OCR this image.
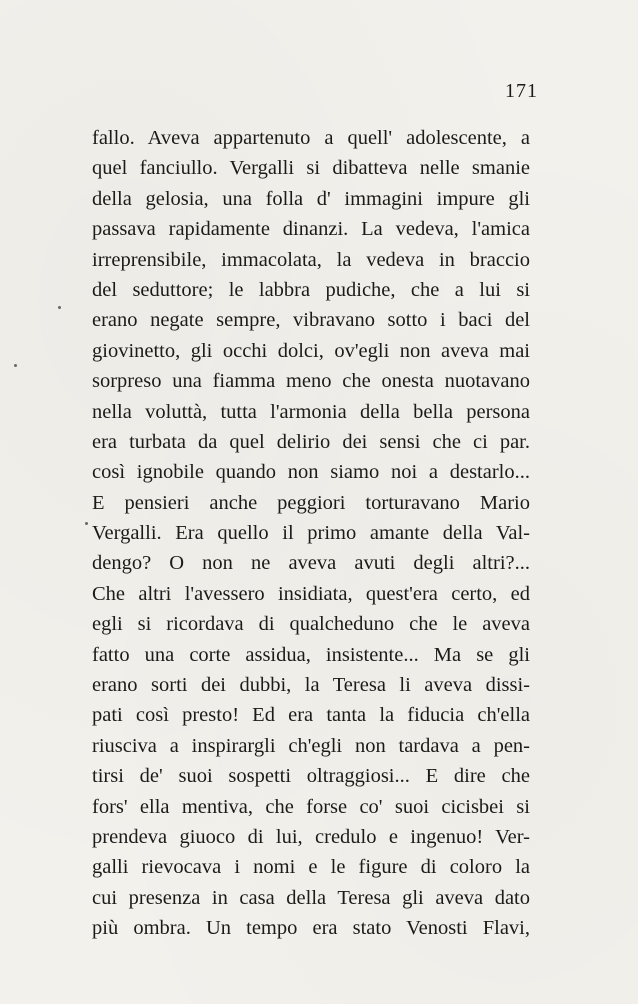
171
fallo. Aveva appartenuto a quell' adolescente, a
quel fanciullo. Vergalli si dibatteva nelle smanie
della gelosia, una folla d' immagini impure gli
passava rapidamente dinanzi. La vedeva, l'amica
irreprensibile, immacolata, la vedeva in braccio
del seduttore; le labbra pudiche, che a lui si
erano negate sempre, vibravano sotto i baci del
giovinetto, gli occhi dolci, ov'egli non aveva mai
sorpreso una fiamma meno che onesta nuotavano
nella voluttà, tutta l'armonia della bella persona
era turbata da quel delirio dei sensi che ci par.
così ignobile quando non siamo noi a destarlo...
E pensieri anche peggiori torturavano Mario
Vergalli. Era quello il primo amante della Val-
dengo? O non ne aveva avuti degli altri?...
Che altri l'avessero insidiata, quest'era certo, ed
egli si ricordava di qualcheduno che le aveva
fatto una corte assidua, insistente... Ma se gli
erano sorti dei dubbi, la Teresa li aveva dissi-
pati così presto! Ed era tanta la fiducia ch'ella
riusciva a inspirargli ch'egli non tardava a pen-
tirsi de' suoi sospetti oltraggiosi... E dire che
fors' ella mentiva, che forse co' suoi cicisbei si
prendeva giuoco di lui, credulo e ingenuo! Ver-
galli rievocava i nomi e le figure di coloro la
cui presenza in casa della Teresa gli aveva dato
più ombra. Un tempo era stato Venosti Flavi,
